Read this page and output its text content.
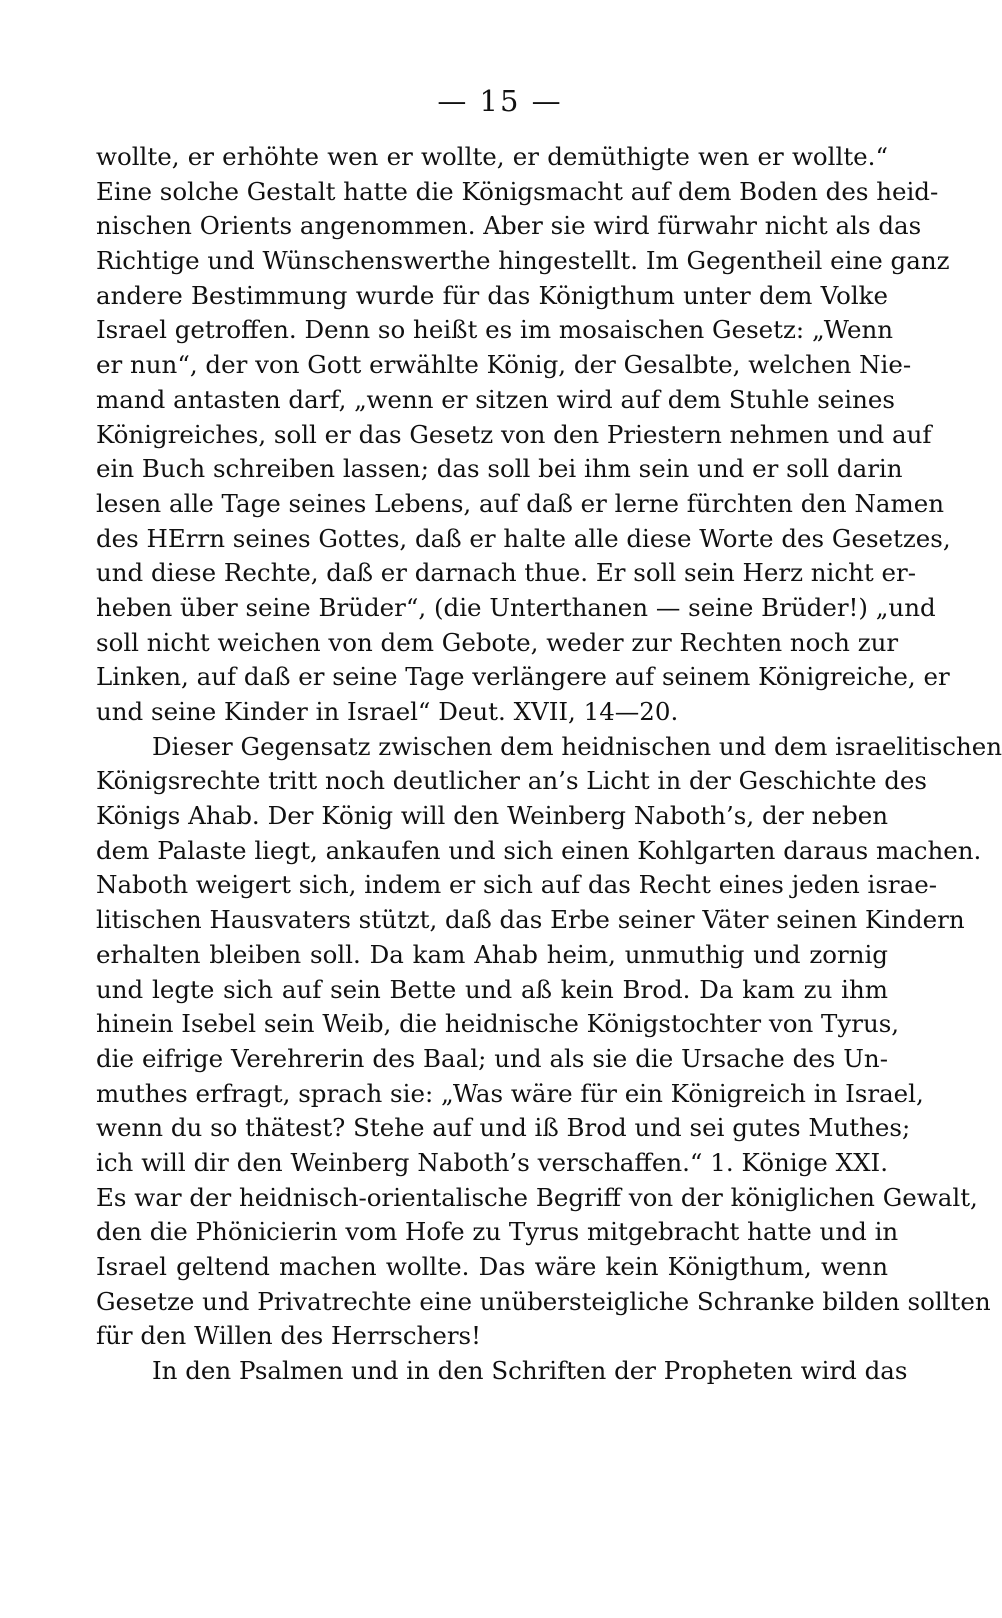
— 15 —
wollte, er erhöhte wen er wollte, er demüthigte wen er wollte.“
Eine solche Gestalt hatte die Königsmacht auf dem Boden des heid-
nischen Orients angenommen. Aber sie wird fürwahr nicht als das
Richtige und Wünschenswerthe hingestellt. Im Gegentheil eine ganz
andere Bestimmung wurde für das Königthum unter dem Volke
Israel getroffen. Denn so heißt es im mosaischen Gesetz: „Wenn
er nun“, der von Gott erwählte König, der Gesalbte, welchen Nie-
mand antasten darf, „wenn er sitzen wird auf dem Stuhle seines
Königreiches, soll er das Gesetz von den Priestern nehmen und auf
ein Buch schreiben lassen; das soll bei ihm sein und er soll darin
lesen alle Tage seines Lebens, auf daß er lerne fürchten den Namen
des HErrn seines Gottes, daß er halte alle diese Worte des Gesetzes,
und diese Rechte, daß er darnach thue. Er soll sein Herz nicht er-
heben über seine Brüder“, (die Unterthanen — seine Brüder!) „und
soll nicht weichen von dem Gebote, weder zur Rechten noch zur
Linken, auf daß er seine Tage verlängere auf seinem Königreiche, er
und seine Kinder in Israel“ Deut. XVII, 14—20.
Dieser Gegensatz zwischen dem heidnischen und dem israelitischen
Königsrechte tritt noch deutlicher an’s Licht in der Geschichte des
Königs Ahab. Der König will den Weinberg Naboth’s, der neben
dem Palaste liegt, ankaufen und sich einen Kohlgarten daraus machen.
Naboth weigert sich, indem er sich auf das Recht eines jeden israe-
litischen Hausvaters stützt, daß das Erbe seiner Väter seinen Kindern
erhalten bleiben soll. Da kam Ahab heim, unmuthig und zornig
und legte sich auf sein Bette und aß kein Brod. Da kam zu ihm
hinein Isebel sein Weib, die heidnische Königstochter von Tyrus,
die eifrige Verehrerin des Baal; und als sie die Ursache des Un-
muthes erfragt, sprach sie: „Was wäre für ein Königreich in Israel,
wenn du so thätest? Stehe auf und iß Brod und sei gutes Muthes;
ich will dir den Weinberg Naboth’s verschaffen.“ 1. Könige XXI.
Es war der heidnisch-orientalische Begriff von der königlichen Gewalt,
den die Phönicierin vom Hofe zu Tyrus mitgebracht hatte und in
Israel geltend machen wollte. Das wäre kein Königthum, wenn
Gesetze und Privatrechte eine unübersteigliche Schranke bilden sollten
für den Willen des Herrschers!
In den Psalmen und in den Schriften der Propheten wird das
